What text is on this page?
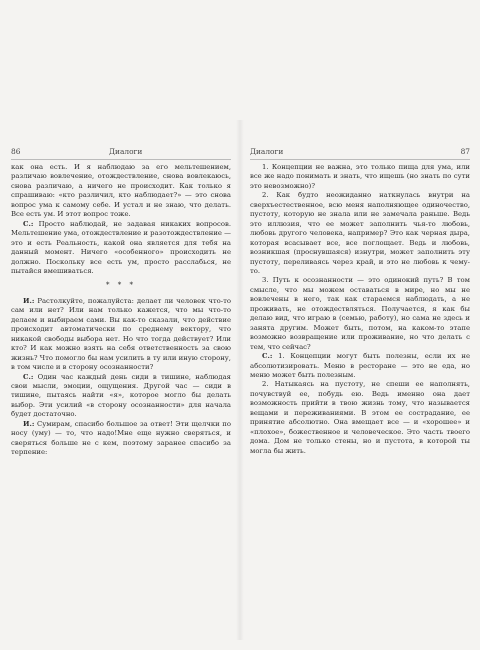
86	Диалоги

как она есть. И я наблюдаю за его мельтешением, различаю вовлечение, отождествление, снова вовлекаюсь, снова различаю, а ничего не происходит. Как только я спрашиваю: «кто различил, кто наблюдает?» — это снова вопрос ума к самому себе. И устал и не знаю, что делать. Все есть ум. И этот вопрос тоже.

С.: Просто наблюдай, не задавая никаких вопросов. Мельтешение ума, отождествление и разотождествление — это и есть Реальность, какой она является для тебя на данный момент. Ничего «особенного» происходить не должно. Поскольку все есть ум, просто расслабься, не пытайся вмешиваться.

* * *

И.: Растолкуйте, пожалуйста: делает ли человек что-то сам или нет? Или нам только кажется, что мы что-то делаем и выбираем сами. Вы как-то сказали, что действие происходит автоматически по среднему вектору, что никакой свободы выбора нет. Но что тогда действует? Или кто? И как можно взять на себя ответственность за свою жизнь? Что помогло бы нам усилить в ту или иную сторону, в том числе и в сторону осознанности?

С.: Один час каждый день сиди в тишине, наблюдая свои мысли, эмоции, ощущения. Другой час — сиди в тишине, пытаясь найти «я», которое могло бы делать выбор. Эти усилий «в сторону осознанности» для начала будет достаточно.

И.: Сумирам, спасибо большое за ответ! Эти щелчки по носу (уму) — то, что надо!Мне еще нужно сверяться, и сверяться больше не с кем, поэтому заранее спасибо за терпение:

Диалоги	87

1. Концепции не важна, это только пища для ума, или все же надо понимать и знать, что ищешь (но знать по сути это невозможно)?

2. Как будто неожиданно наткнулась внутри на сверхъестественное, всю меня наполняющее одиночество, пустоту, которую не знала или не замечала раньше. Ведь это иллюзия, что ее может заполнить чья-то любовь, любовь другого человека, например? Это как черная дыра, которая всасывает все, все поглощает. Ведь и любовь, возникшая (проснувшаяся) изнутри, может заполнить эту пустоту, переливаясь через край, и это не любовь к чему-то.

3. Путь к осознанности — это одинокий путь? В том смысле, что мы можем оставаться в мире, но мы не вовлечены в него, так как стараемся наблюдать, а не проживать, не отождествляться. Получается, я как бы делаю вид, что играю в (семью, работу), но сама не здесь и занята другим. Может быть, потом, на каком-то этапе возможно возвращение или проживание, но что делать с тем, что сейчас?

С.: 1. Концепции могут быть полезны, если их не абсолютизировать. Меню в ресторане — это не еда, но меню может быть полезным.

2. Натыкаясь на пустоту, не спеши ее наполнять, почувствуй ее, побудь ею. Ведь именно она дает возможность прийти в твою жизнь тому, что называется вещами и переживаниями. В этом ее сострадание, ее принятие абсолютно. Она вмещает все — и «хорошее» и «плохое», божественное и человеческое. Это часть твоего дома. Дом не только стены, но и пустота, в которой ты могла бы жить.
